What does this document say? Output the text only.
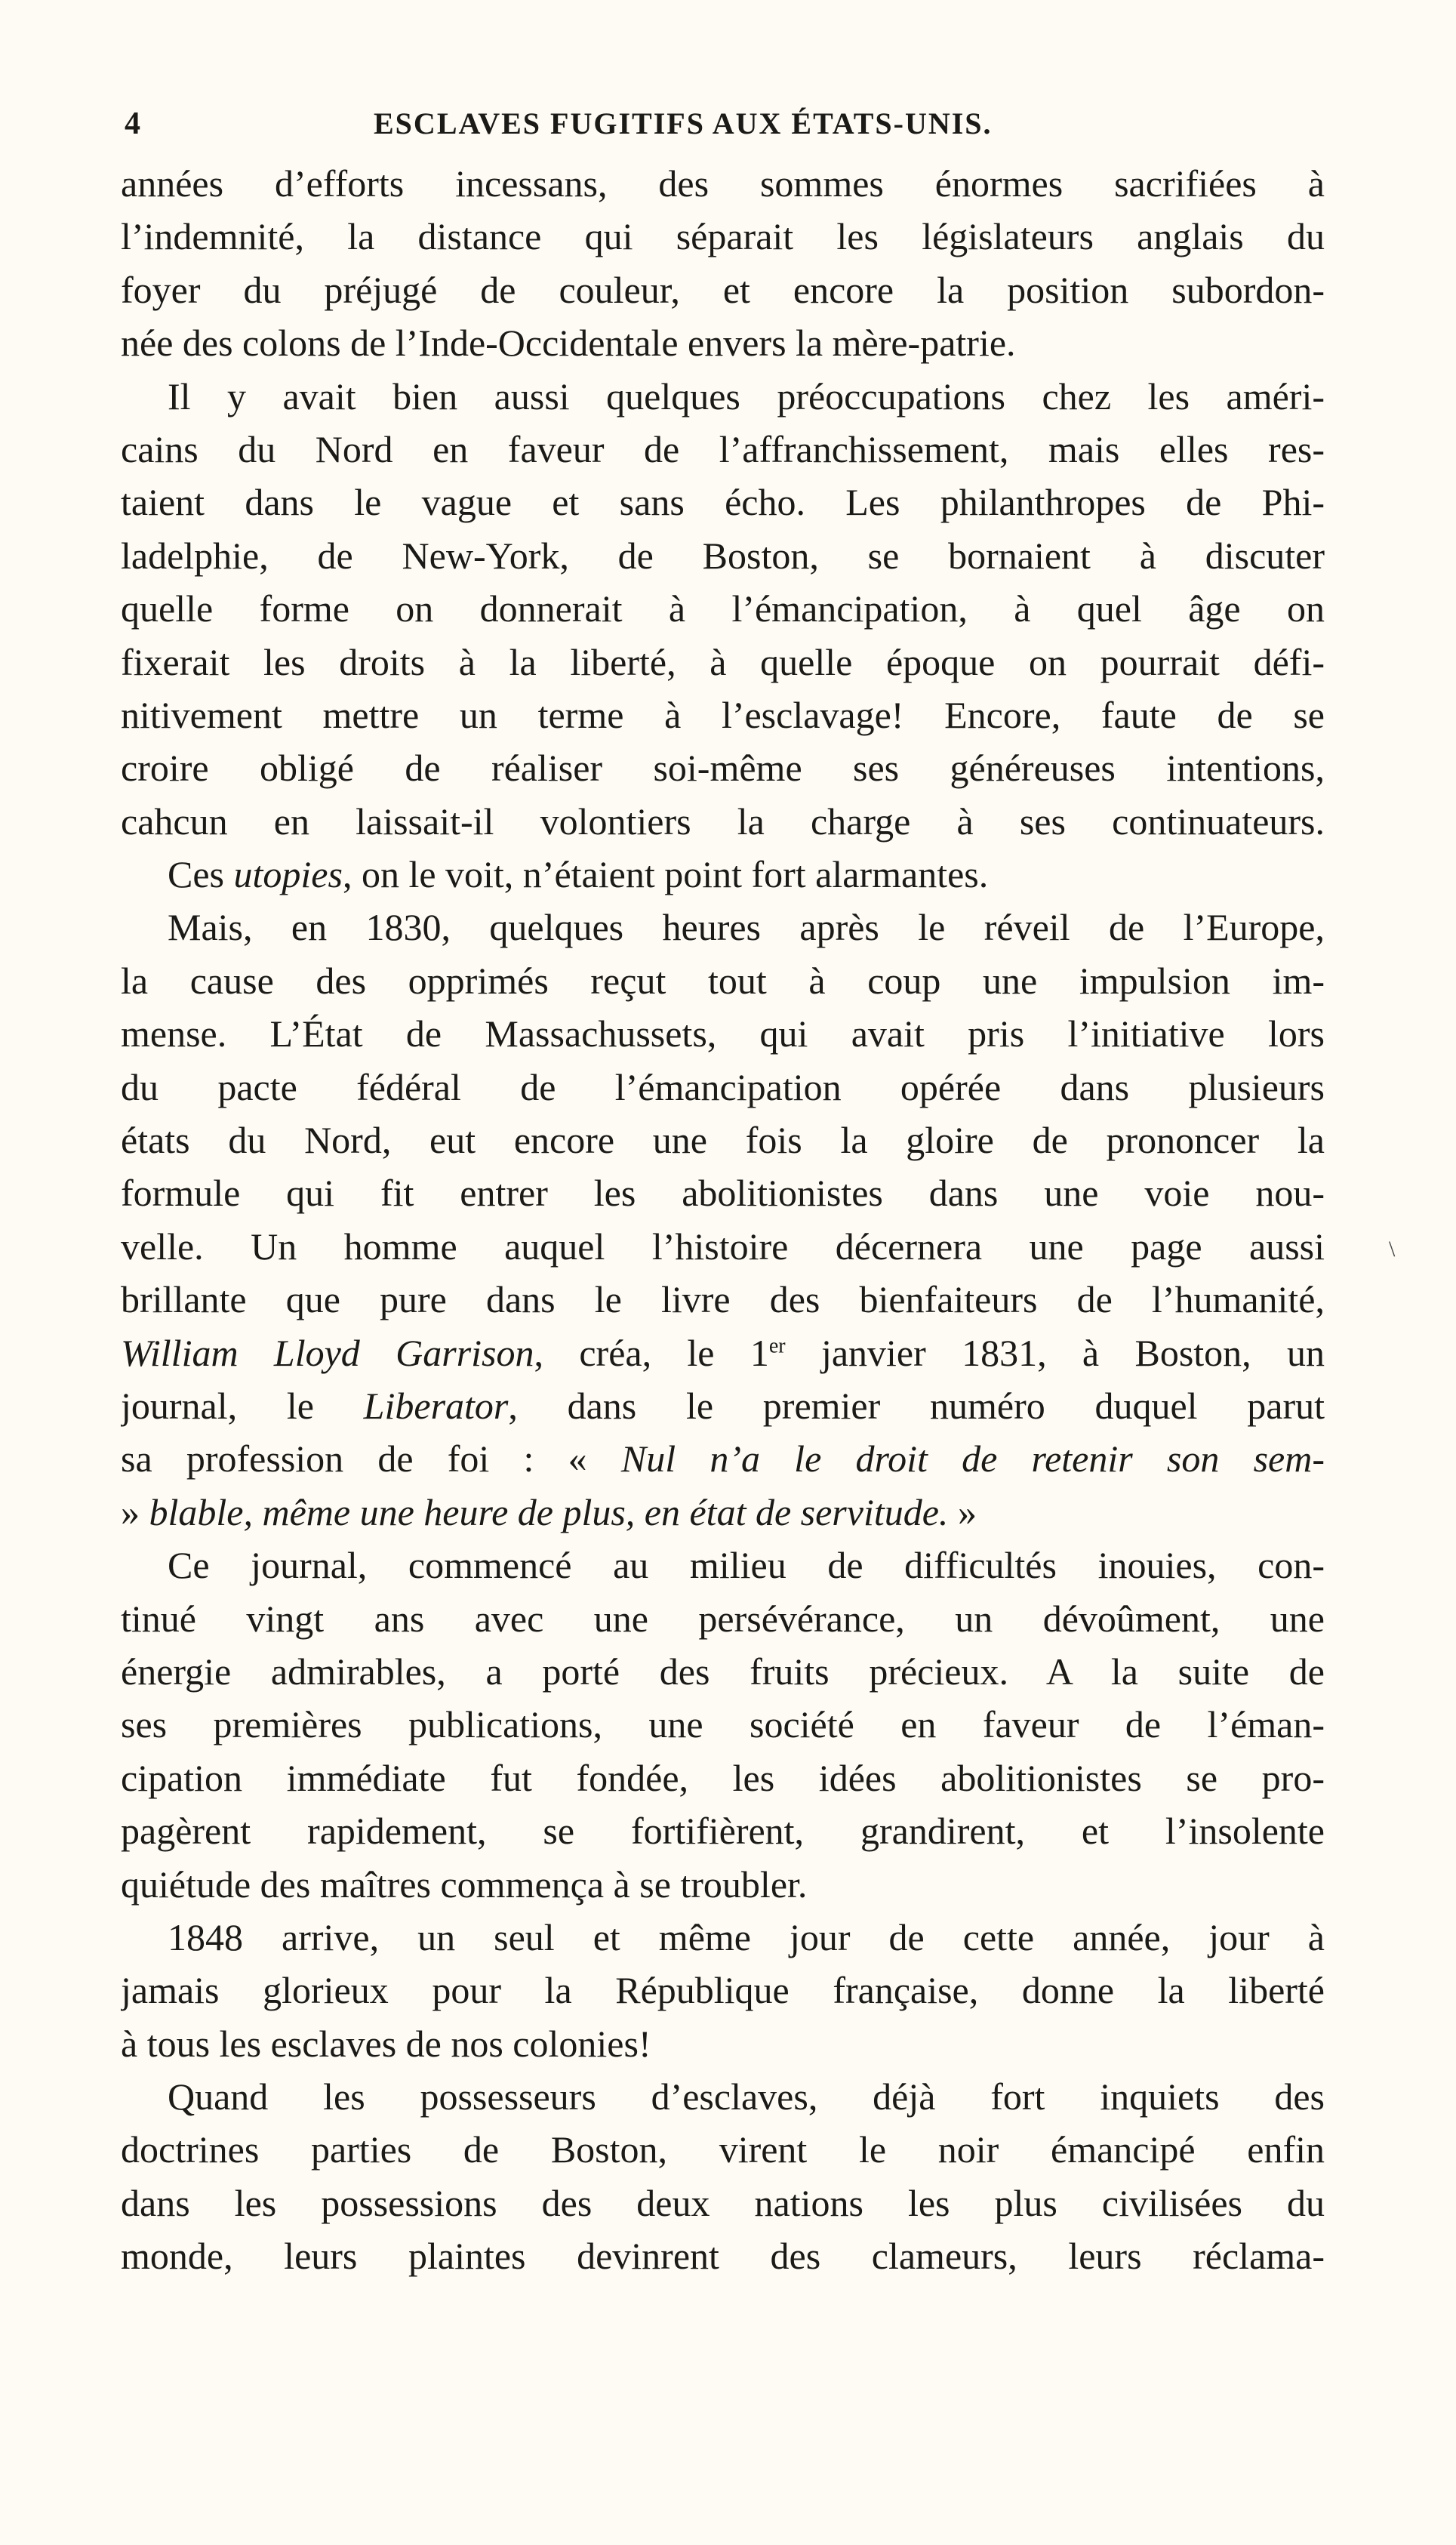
4	ESCLAVES FUGITIFS AUX ÉTATS-UNIS.
années d’efforts incessans, des sommes énormes sacrifiées à
l’indemnité, la distance qui séparait les législateurs anglais du
foyer du préjugé de couleur, et encore la position subordon-
née des colons de l’Inde-Occidentale envers la mère-patrie.
Il y avait bien aussi quelques préoccupations chez les améri-
cains du Nord en faveur de l’affranchissement, mais elles res-
taient dans le vague et sans écho. Les philanthropes de Phi-
ladelphie, de New-York, de Boston, se bornaient à discuter
quelle forme on donnerait à l’émancipation, à quel âge on
fixerait les droits à la liberté, à quelle époque on pourrait défi-
nitivement mettre un terme à l’esclavage! Encore, faute de se
croire obligé de réaliser soi-même ses généreuses intentions,
cahcun en laissait-il volontiers la charge à ses continuateurs.
Ces utopies, on le voit, n’étaient point fort alarmantes.
Mais, en 1830, quelques heures après le réveil de l’Europe,
la cause des opprimés reçut tout à coup une impulsion im-
mense. L’État de Massachussets, qui avait pris l’initiative lors
du pacte fédéral de l’émancipation opérée dans plusieurs
états du Nord, eut encore une fois la gloire de prononcer la
formule qui fit entrer les abolitionistes dans une voie nou-
velle. Un homme auquel l’histoire décernera une page aussi
brillante que pure dans le livre des bienfaiteurs de l’humanité,
William Lloyd Garrison, créa, le 1er janvier 1831, à Boston, un
journal, le Liberator, dans le premier numéro duquel parut
sa profession de foi : « Nul n’a le droit de retenir son sem-
» blable, même une heure de plus, en état de servitude. »
Ce journal, commencé au milieu de difficultés inouies, con-
tinué vingt ans avec une persévérance, un dévoûment, une
énergie admirables, a porté des fruits précieux. A la suite de
ses premières publications, une société en faveur de l’éman-
cipation immédiate fut fondée, les idées abolitionistes se pro-
pagèrent rapidement, se fortifièrent, grandirent, et l’insolente
quiétude des maîtres commença à se troubler.
1848 arrive, un seul et même jour de cette année, jour à
jamais glorieux pour la République française, donne la liberté
à tous les esclaves de nos colonies!
Quand les possesseurs d’esclaves, déjà fort inquiets des
doctrines parties de Boston, virent le noir émancipé enfin
dans les possessions des deux nations les plus civilisées du
monde, leurs plaintes devinrent des clameurs, leurs réclama-
\
